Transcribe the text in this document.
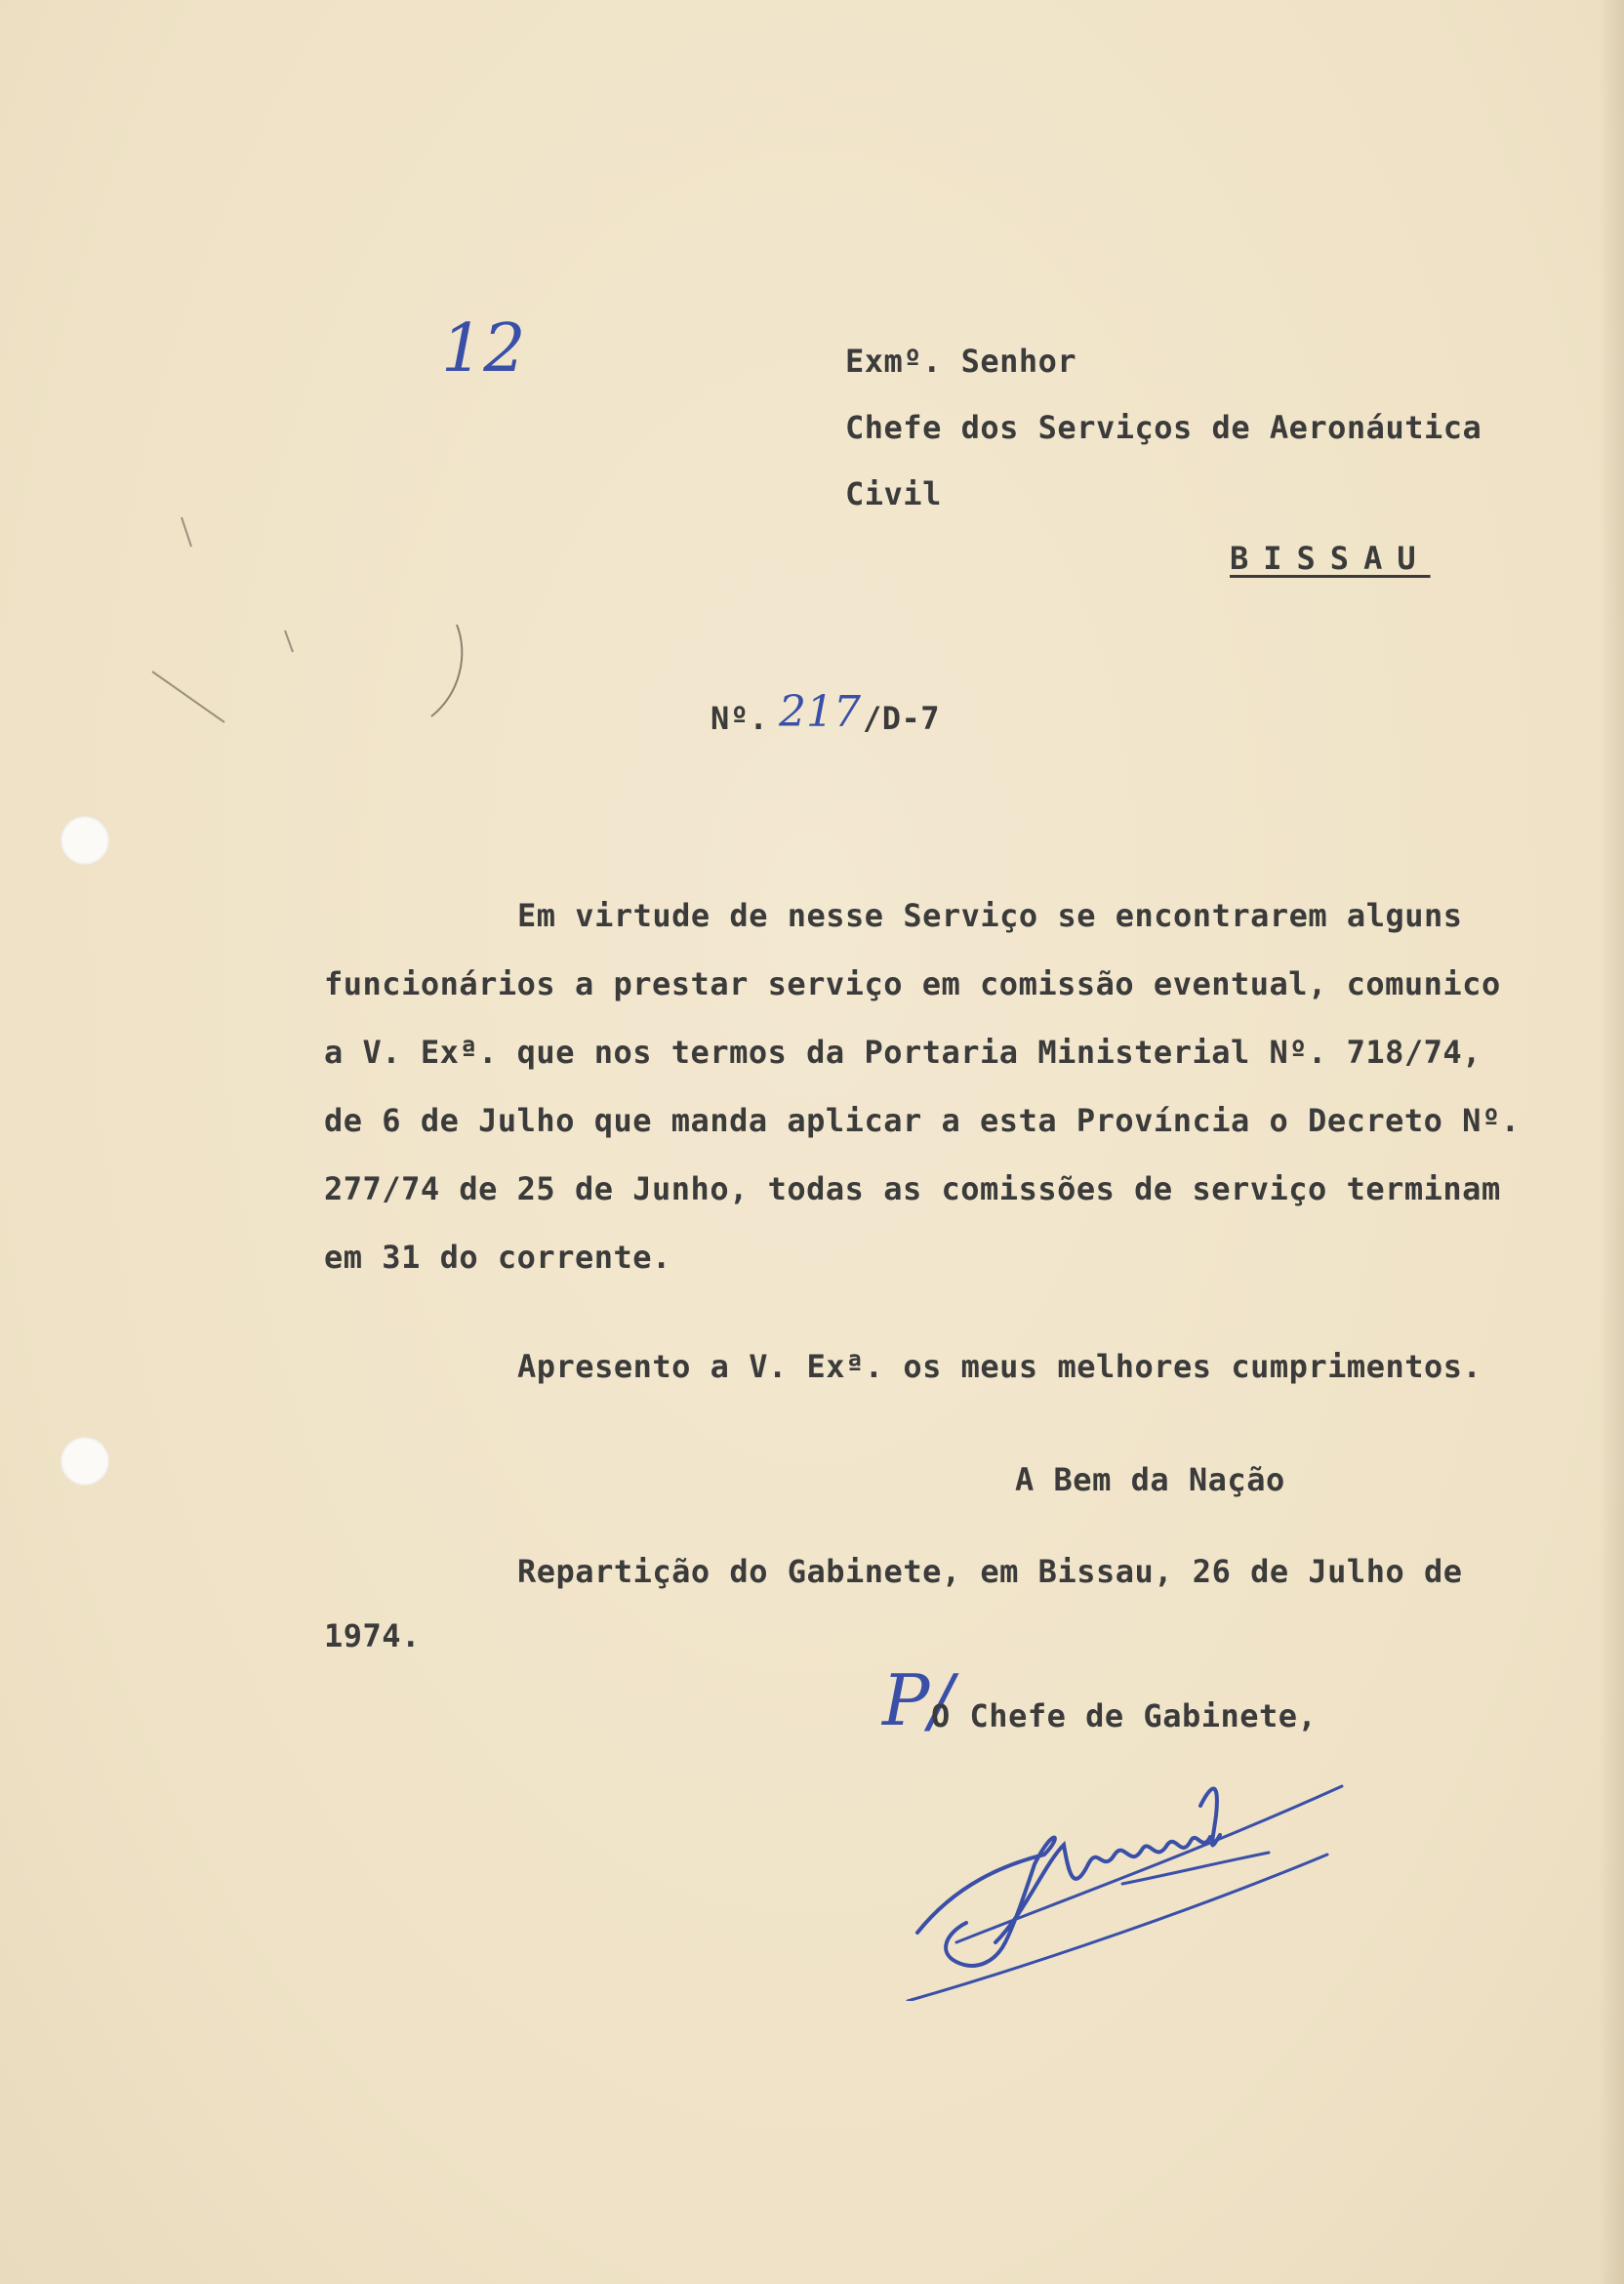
12	Exmº. Senhor
Chefe dos Serviços de Aeronáutica
Civil
BISSAU
Nº. 217 /D-7
Em virtude de nesse Serviço se encontrarem alguns
funcionários a prestar serviço em comissão eventual, comunico
a V. Exª. que nos termos da Portaria Ministerial Nº. 718/74,
de 6 de Julho que manda aplicar a esta Província o Decreto Nº.
277/74 de 25 de Junho, todas as comissões de serviço terminam
em 31 do corrente.
Apresento a V. Exª. os meus melhores cumprimentos.
A Bem da Nação
Repartição do Gabinete, em Bissau, 26 de Julho de
1974.
P/
O Chefe de Gabinete,
